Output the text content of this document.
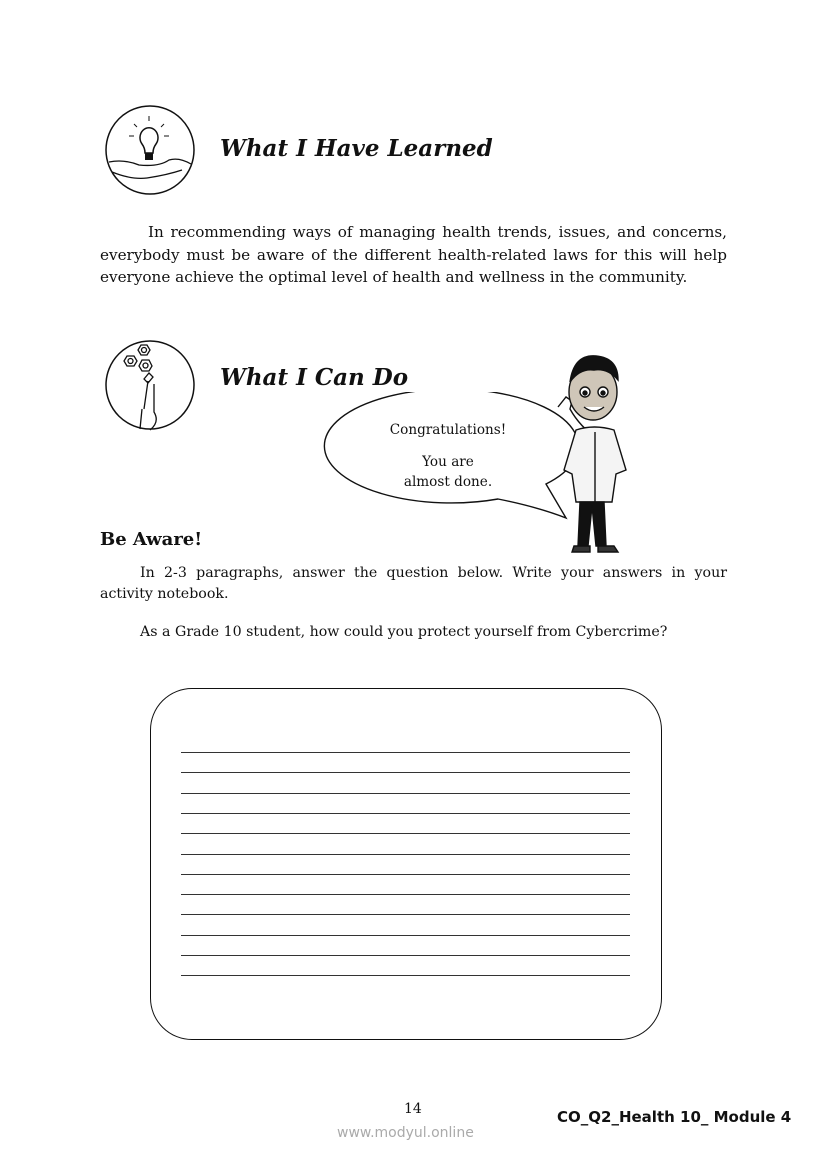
What I Have Learned
In recommending ways of managing health trends, issues, and concerns, everybody must be aware of the different health-related laws for this will help everyone achieve the optimal level of health and wellness in the community.
What I Can Do
Congratulations!
You are almost done.
Be Aware!
In 2-3 paragraphs, answer the question below. Write your answers in your activity notebook.
As a Grade 10 student, how could you protect yourself from Cybercrime?
14	CO_Q2_Health 10_ Module 4
www.modyul.online
